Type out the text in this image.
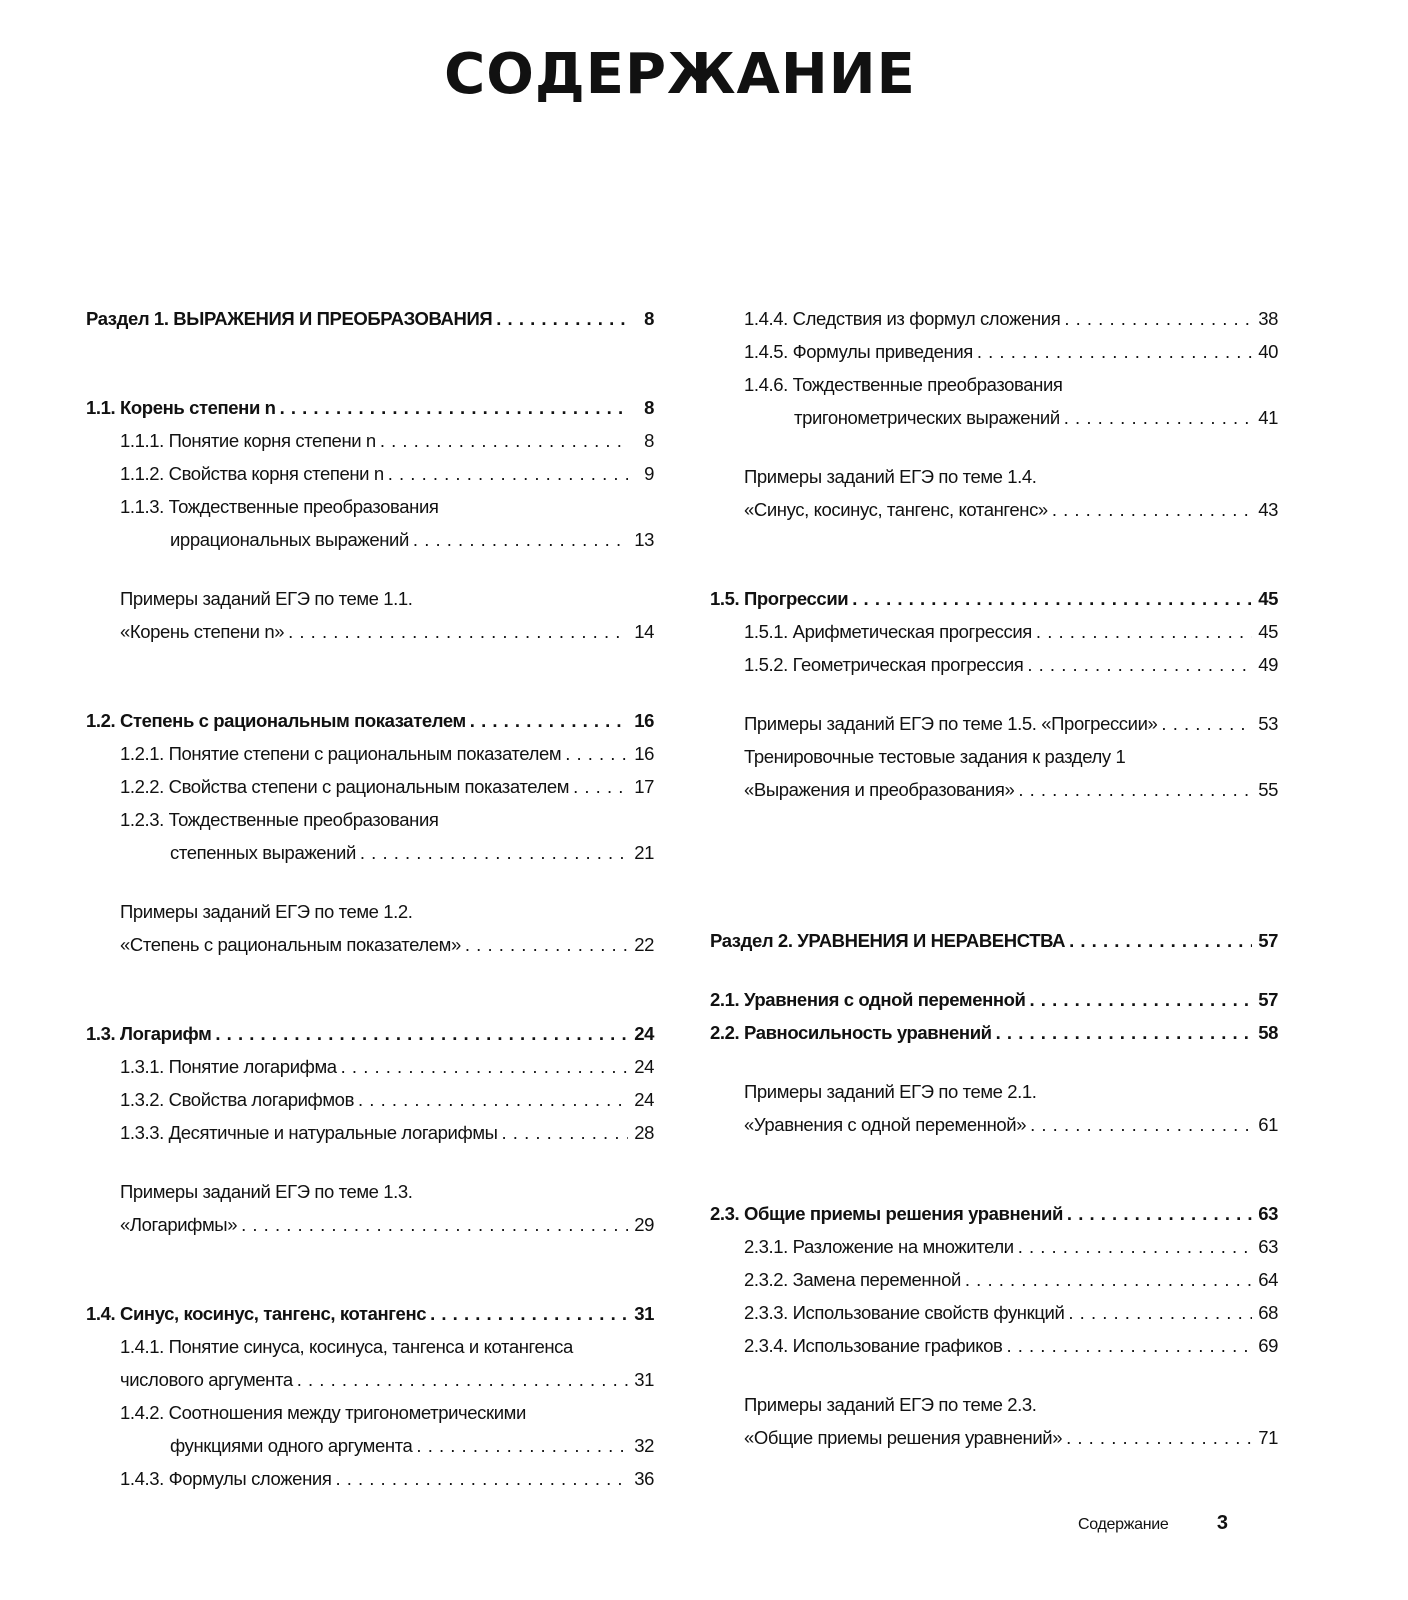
СОДЕРЖАНИЕ
Раздел 1. ВЫРАЖЕНИЯ И ПРЕОБРАЗОВАНИЯ . . .	8
1.1. Корень степени n . . .	8
1.1.1. Понятие корня степени n . . .	8
1.1.2. Свойства корня степени n . . .	9
1.1.3. Тождественные преобразования
иррациональных выражений . . .	13
Примеры заданий ЕГЭ по теме 1.1.
«Корень степени n» . . .	14
1.2. Степень с рациональным показателем . . .	16
1.2.1. Понятие степени с рациональным показателем . . .	16
1.2.2. Свойства степени с рациональным показателем . . .	17
1.2.3. Тождественные преобразования
степенных выражений . . .	21
Примеры заданий ЕГЭ по теме 1.2.
«Степень с рациональным показателем» . . .	22
1.3. Логарифм . . .	24
1.3.1. Понятие логарифма . . .	24
1.3.2. Свойства логарифмов . . .	24
1.3.3. Десятичные и натуральные логарифмы . . .	28
Примеры заданий ЕГЭ по теме 1.3.
«Логарифмы» . . .	29
1.4. Синус, косинус, тангенс, котангенс . . .	31
1.4.1. Понятие синуса, косинуса, тангенса и котангенса
числового аргумента . . .	31
1.4.2. Соотношения между тригонометрическими
функциями одного аргумента . . .	32
1.4.3. Формулы сложения . . .	36
1.4.4. Следствия из формул сложения . . .	38
1.4.5. Формулы приведения . . .	40
1.4.6. Тождественные преобразования
тригонометрических выражений . . .	41
Примеры заданий ЕГЭ по теме 1.4.
«Синус, косинус, тангенс, котангенс» . . .	43
1.5. Прогрессии . . .	45
1.5.1. Арифметическая прогрессия . . .	45
1.5.2. Геометрическая прогрессия . . .	49
Примеры заданий ЕГЭ по теме 1.5. «Прогрессии» . . .	53
Тренировочные тестовые задания к разделу 1
«Выражения и преобразования» . . .	55
Раздел 2. УРАВНЕНИЯ И НЕРАВЕНСТВА . . .	57
2.1. Уравнения с одной переменной . . .	57
2.2. Равносильность уравнений . . .	58
Примеры заданий ЕГЭ по теме 2.1.
«Уравнения с одной переменной» . . .	61
2.3. Общие приемы решения уравнений . . .	63
2.3.1. Разложение на множители . . .	63
2.3.2. Замена переменной . . .	64
2.3.3. Использование свойств функций . . .	68
2.3.4. Использование графиков . . .	69
Примеры заданий ЕГЭ по теме 2.3.
«Общие приемы решения уравнений» . . .	71
Содержание 3
